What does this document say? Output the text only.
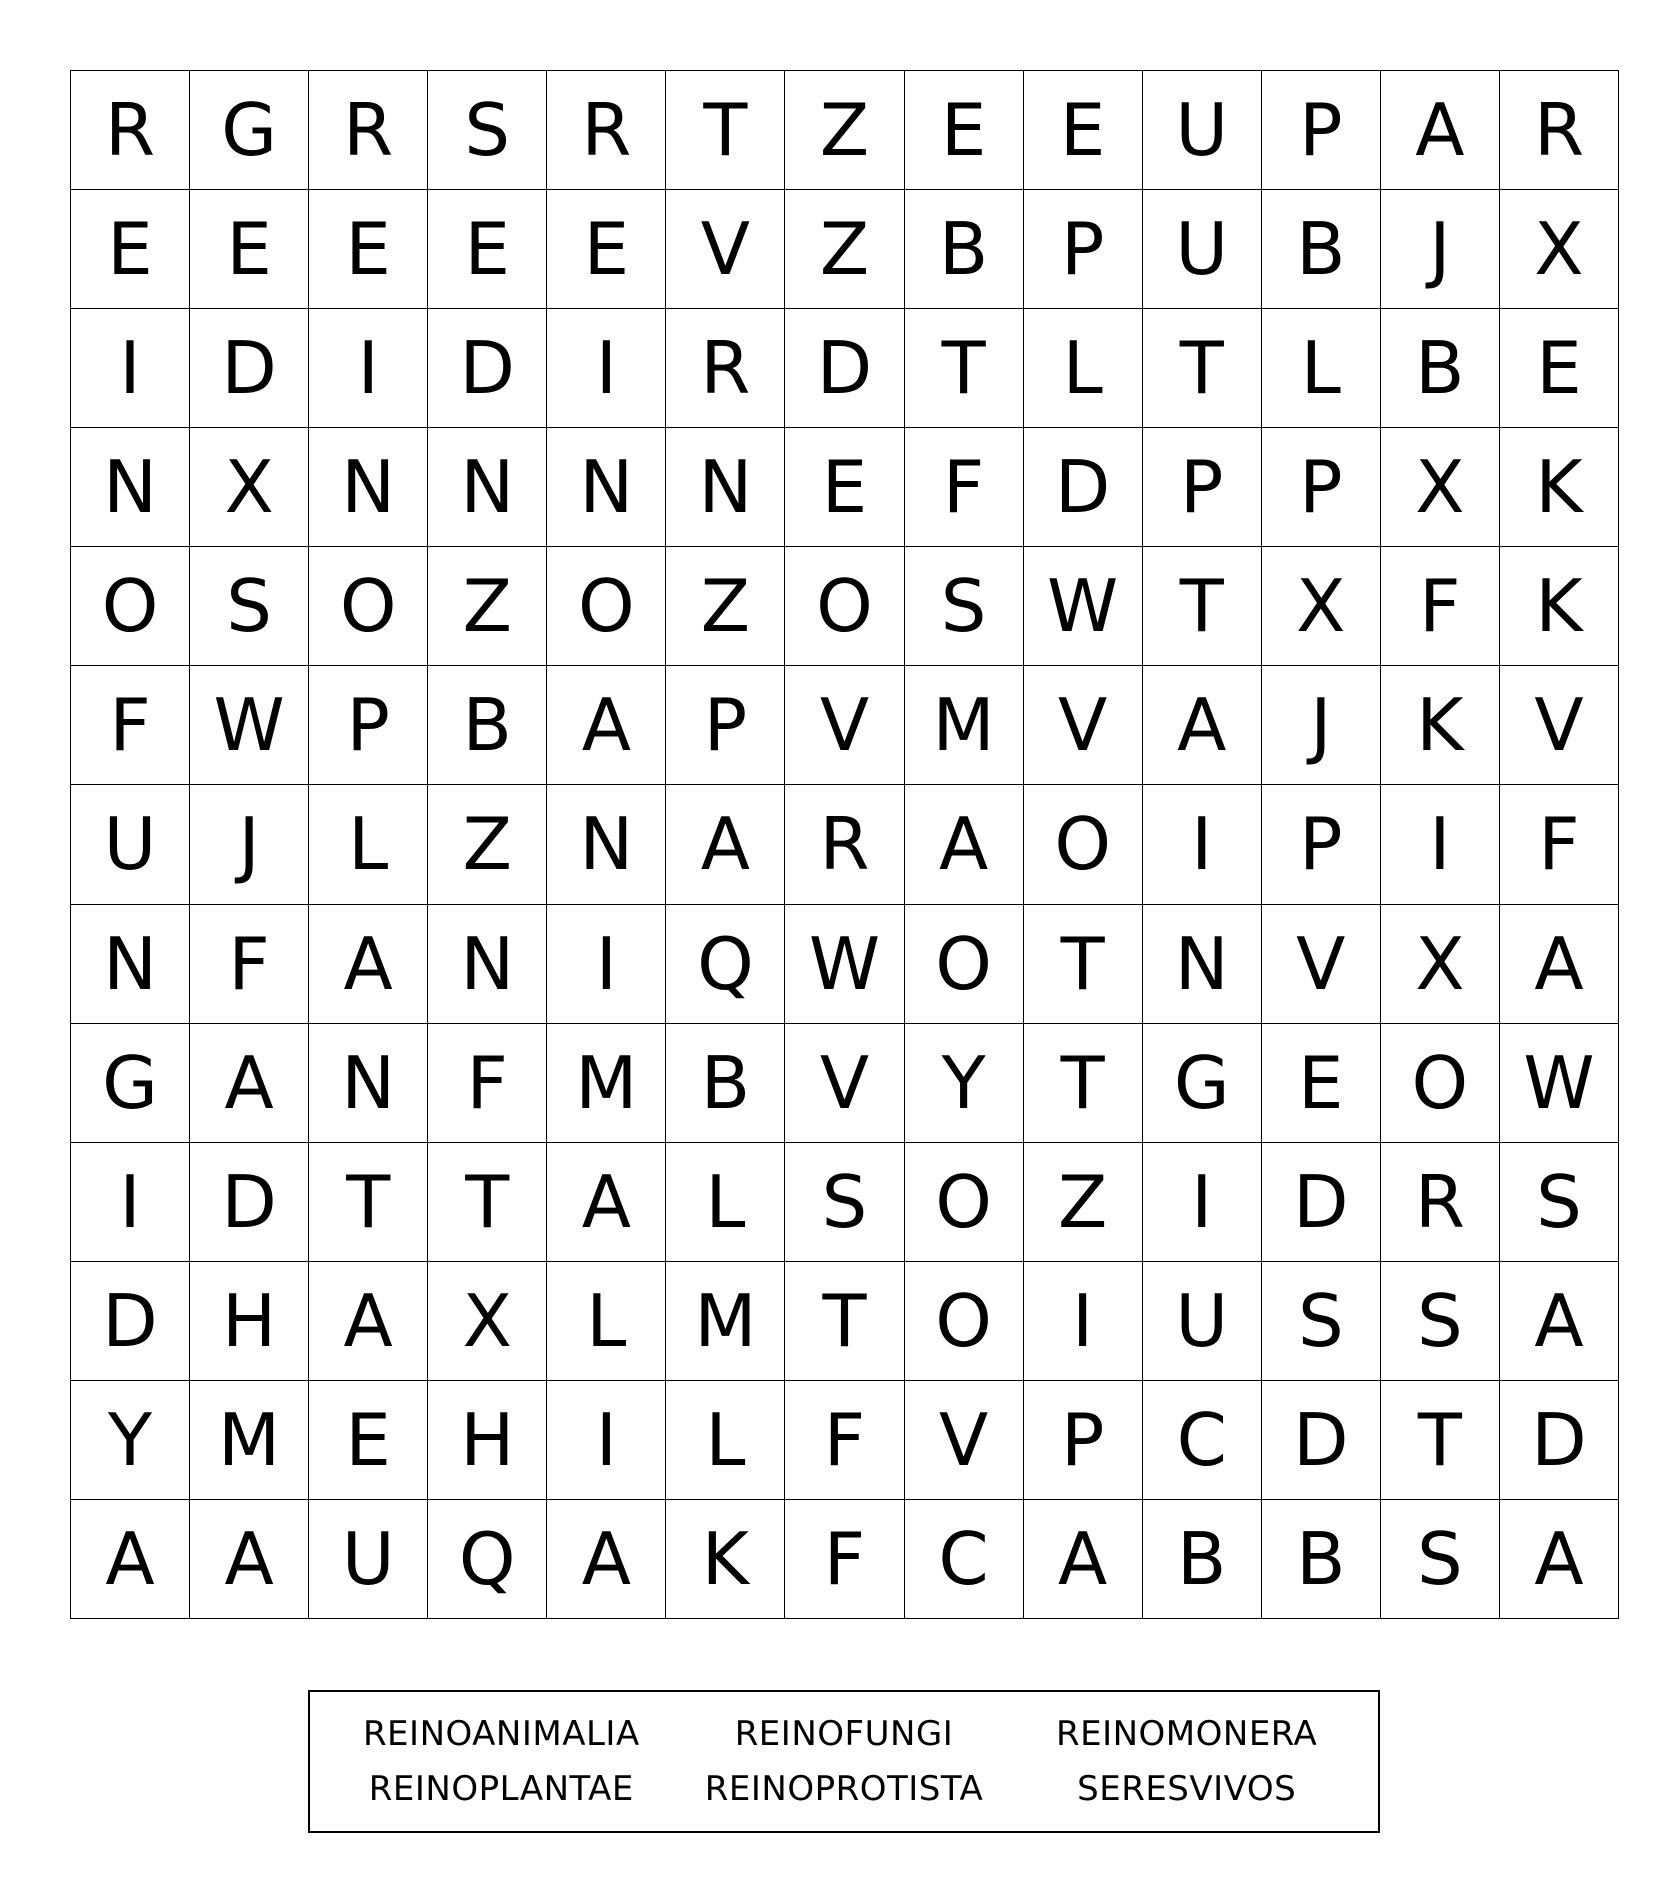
R G R S R	T	Z E	E U P	A R
E	E	E	E	E V Z B	P U B	J	X
I	D	I	D	I	R D T	L	T	L	B E
N X N N N N E	F D P	P	X K
O S O Z O Z O S W T	X	F	K
F W P	B A	P	V M V A	J	K V
U	J	L	Z N A R A O	I	P	I	F
N F	A N	I	Q W O T N V X A
G A N F M B V	Y	T G E O W
I	D T	T	A	L	S O Z	I	D R S
D H A X	L M T O	I	U S	S A
Y M E H	I	L	F	V	P	C D T D
A A U Q A K	F	C A B B S A
REINOANIMALIA	REINOFUNGI	REINOMONERA
REINOPLANTAE	REINOPROTISTA	SERESVIVOS
